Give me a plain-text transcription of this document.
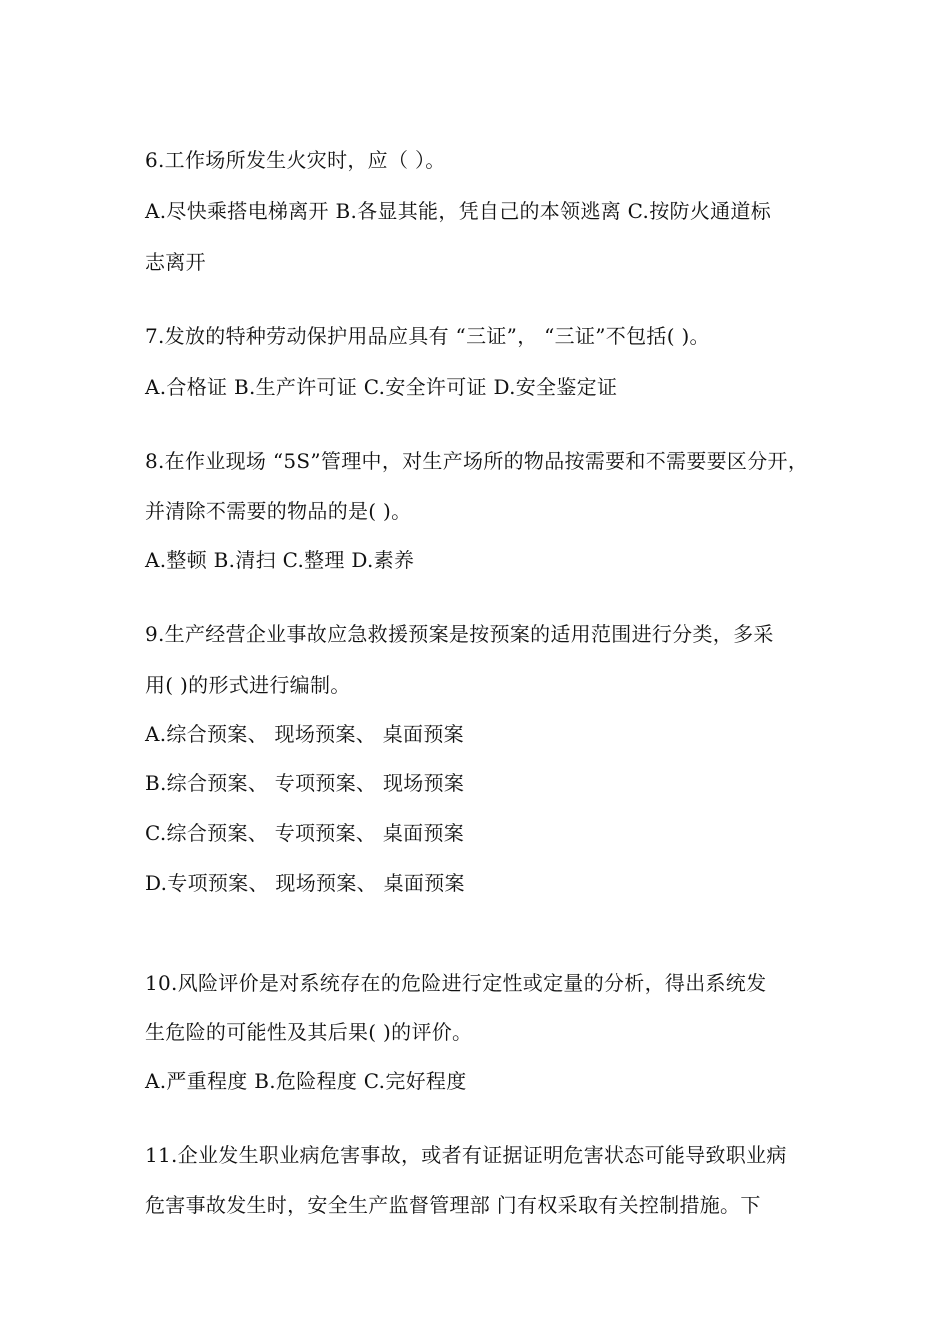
6.工作场所发生火灾时，应（ ）。
A.尽快乘搭电梯离开 B.各显其能，凭自己的本领逃离 C.按防火通道标
志离开
7.发放的特种劳动保护用品应具有 “三证”， “三证”不包括( )。
A.合格证 B.生产许可证 C.安全许可证 D.安全鉴定证
8.在作业现场 “5S”管理中，对生产场所的物品按需要和不需要要区分开，
并清除不需要的物品的是( )。
A.整顿 B.清扫 C.整理 D.素养
9.生产经营企业事故应急救援预案是按预案的适用范围进行分类，多采
用( )的形式进行编制。
A.综合预案、 现场预案、 桌面预案
B.综合预案、 专项预案、 现场预案
C.综合预案、 专项预案、 桌面预案
D.专项预案、 现场预案、 桌面预案
10.风险评价是对系统存在的危险进行定性或定量的分析，得出系统发
生危险的可能性及其后果( )的评价。
A.严重程度 B.危险程度 C.完好程度
11.企业发生职业病危害事故，或者有证据证明危害状态可能导致职业病
危害事故发生时，安全生产监督管理部 门有权采取有关控制措施。下
